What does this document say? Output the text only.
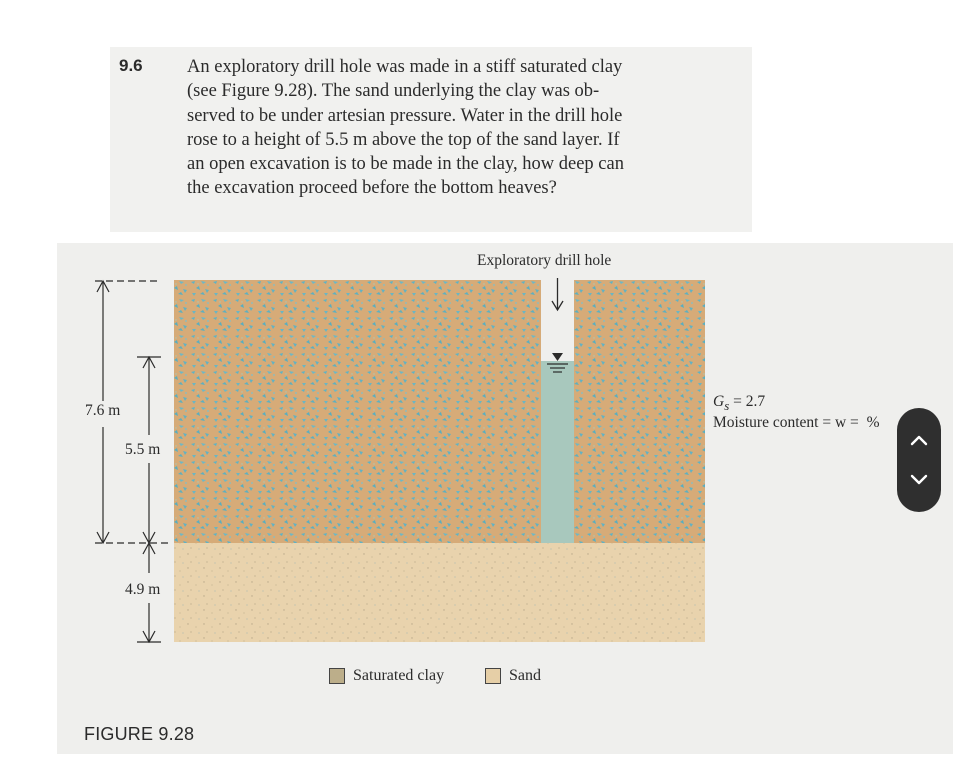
9.6 An exploratory drill hole was made in a stiff saturated clay
(see Figure 9.28). The sand underlying the clay was ob-
served to be under artesian pressure. Water in the drill hole
rose to a height of 5.5 m above the top of the sand layer. If
an open excavation is to be made in the clay, how deep can
the excavation proceed before the bottom heaves?
Exploratory drill hole
7.6 m
5.5 m
4.9 m
$G_s = 2.7$
Moisture content = w = %
Saturated clay	Sand
FIGURE 9.28
